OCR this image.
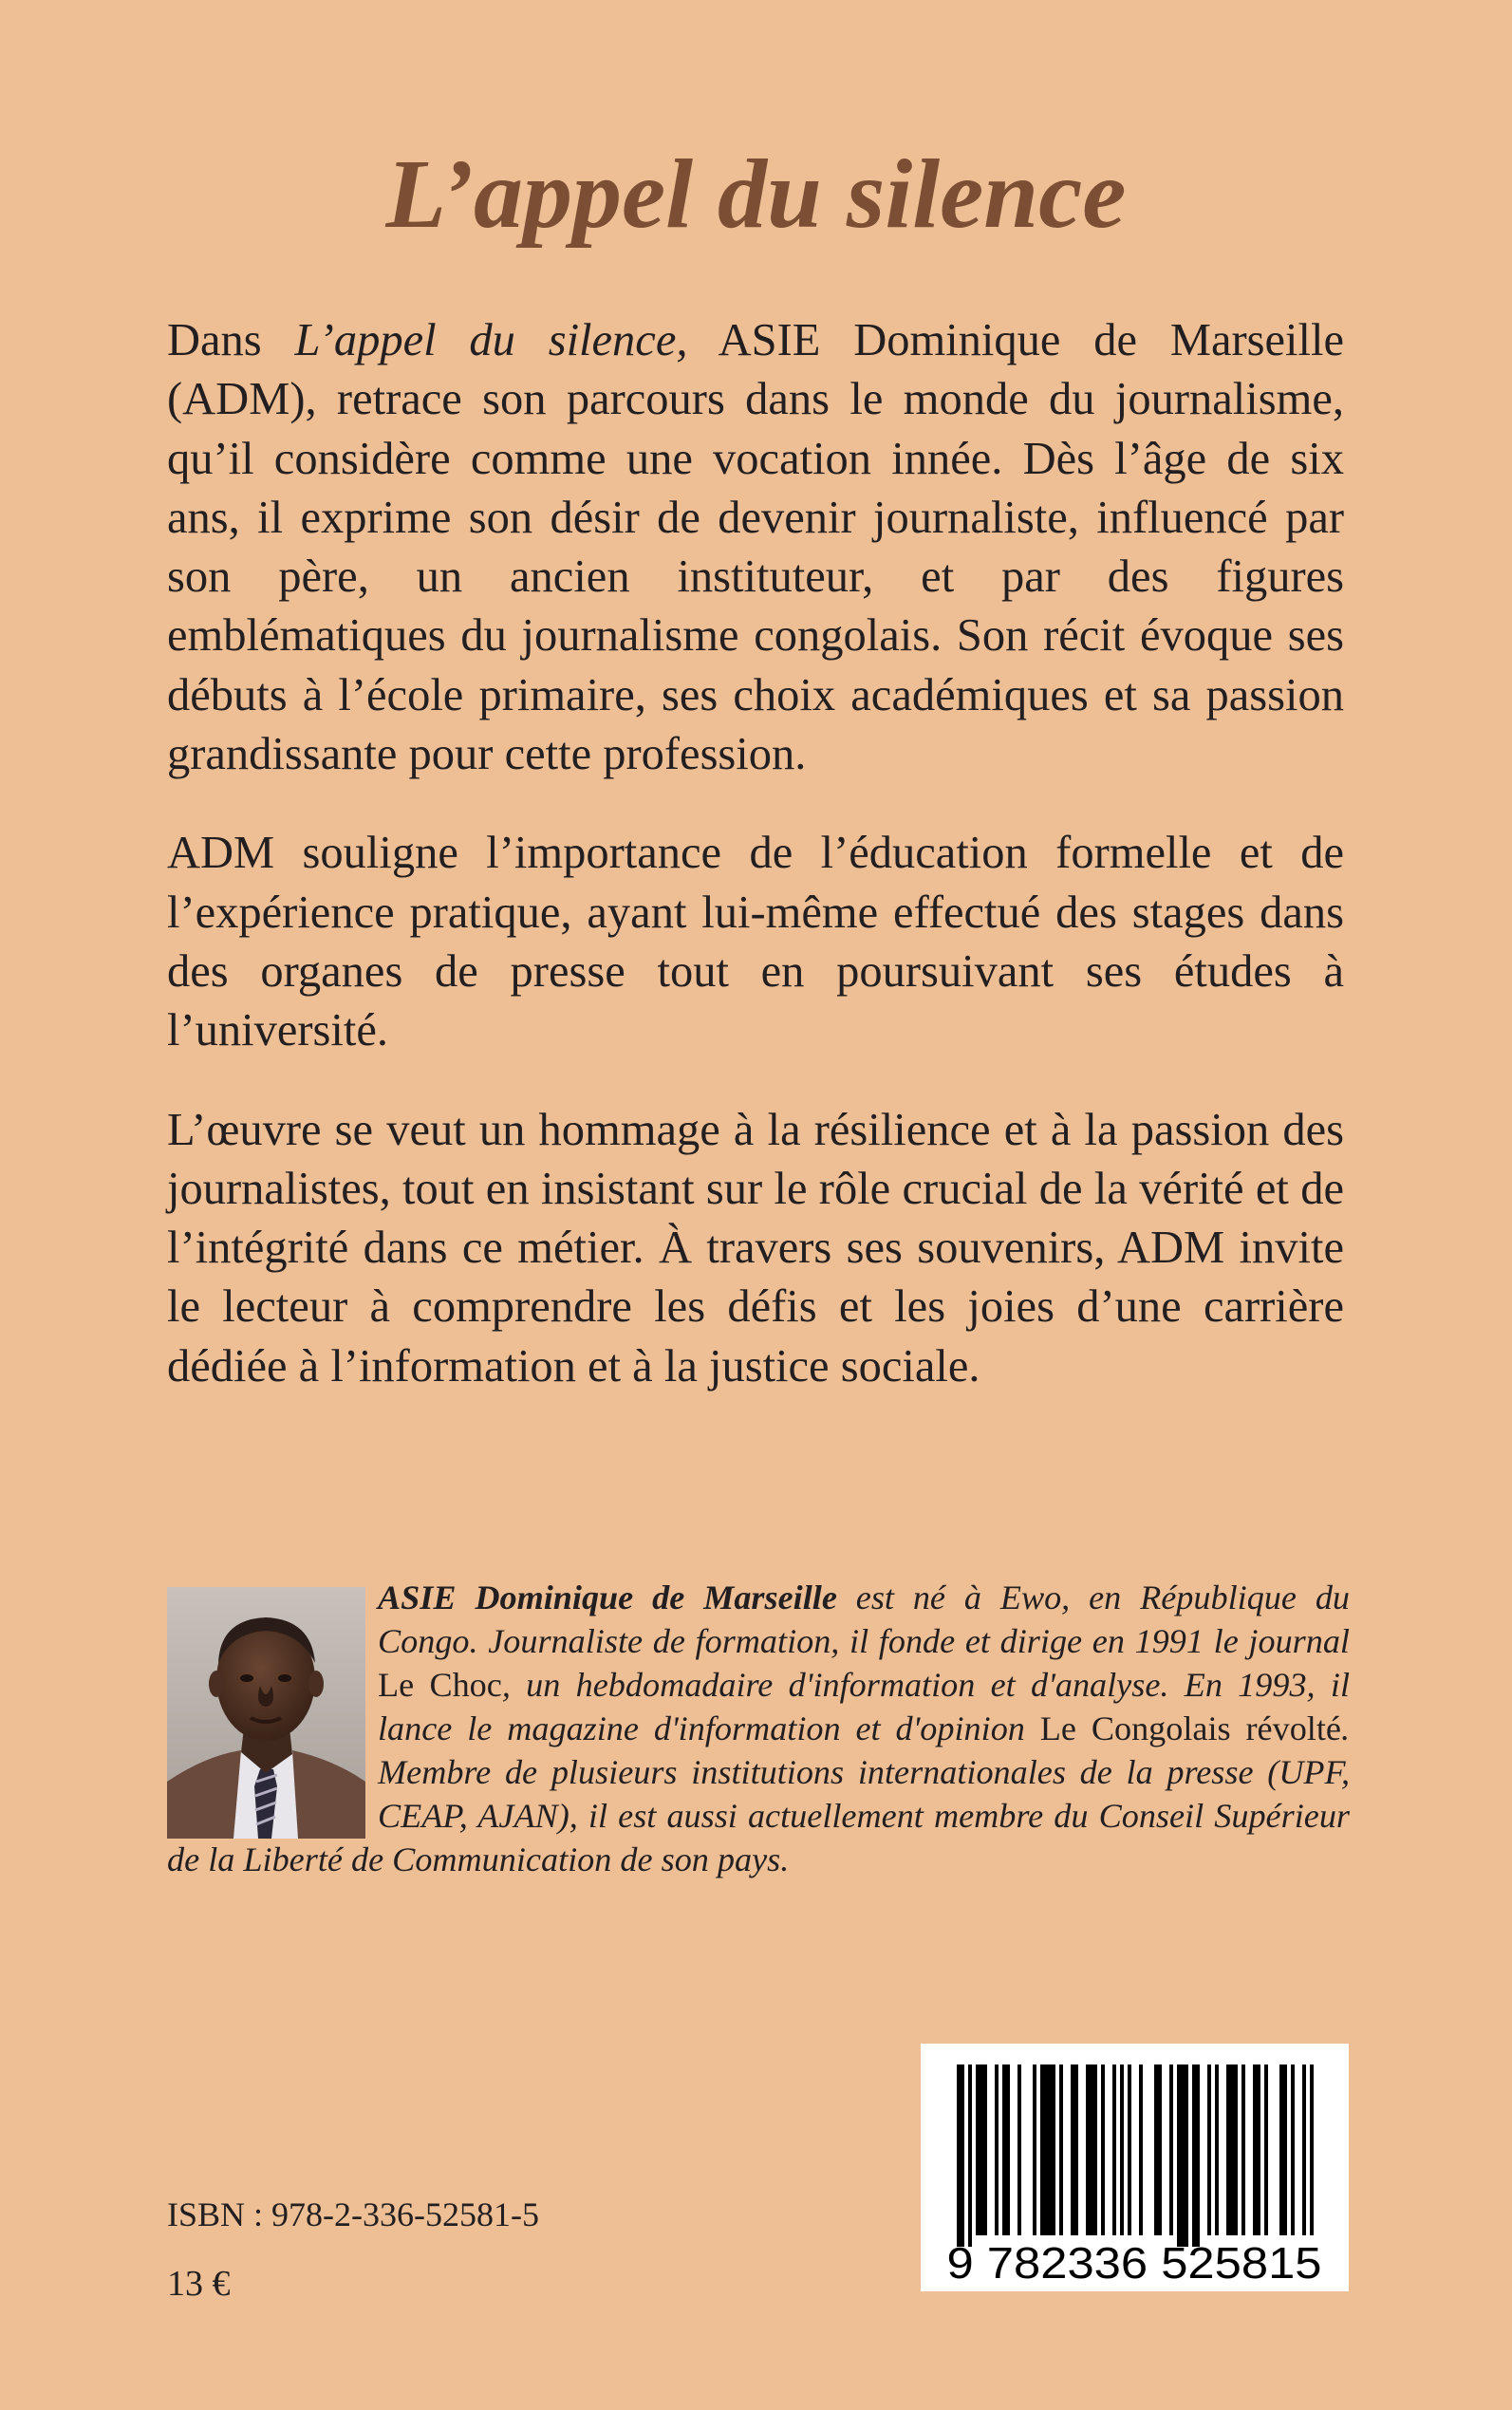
L’appel du silence

Dans L’appel du silence, ASIE Dominique de Marseille (ADM), retrace son parcours dans le monde du journalisme, qu’il considère comme une vocation innée. Dès l’âge de six ans, il exprime son désir de devenir journaliste, influencé par son père, un ancien instituteur, et par des figures emblématiques du journalisme congolais. Son récit évoque ses débuts à l’école primaire, ses choix académiques et sa passion grandissante pour cette profession.

ADM souligne l’importance de l’éducation formelle et de l’expérience pratique, ayant lui-même effectué des stages dans des organes de presse tout en poursuivant ses études à l’université.

L’œuvre se veut un hommage à la résilience et à la passion des journalistes, tout en insistant sur le rôle crucial de la vérité et de l’intégrité dans ce métier. À travers ses souvenirs, ADM invite le lecteur à comprendre les défis et les joies d’une carrière dédiée à l’information et à la justice sociale.

ASIE Dominique de Marseille est né à Ewo, en République du Congo. Journaliste de formation, il fonde et dirige en 1991 le journal Le Choc, un hebdomadaire d'information et d'analyse. En 1993, il lance le magazine d'information et d'opinion Le Congolais révolté. Membre de plusieurs institutions internationales de la presse (UPF, CEAP, AJAN), il est aussi actuellement membre du Conseil Supérieur de la Liberté de Communication de son pays.
ISBN : 978-2-336-52581-5
13 €	9 782336 525815
